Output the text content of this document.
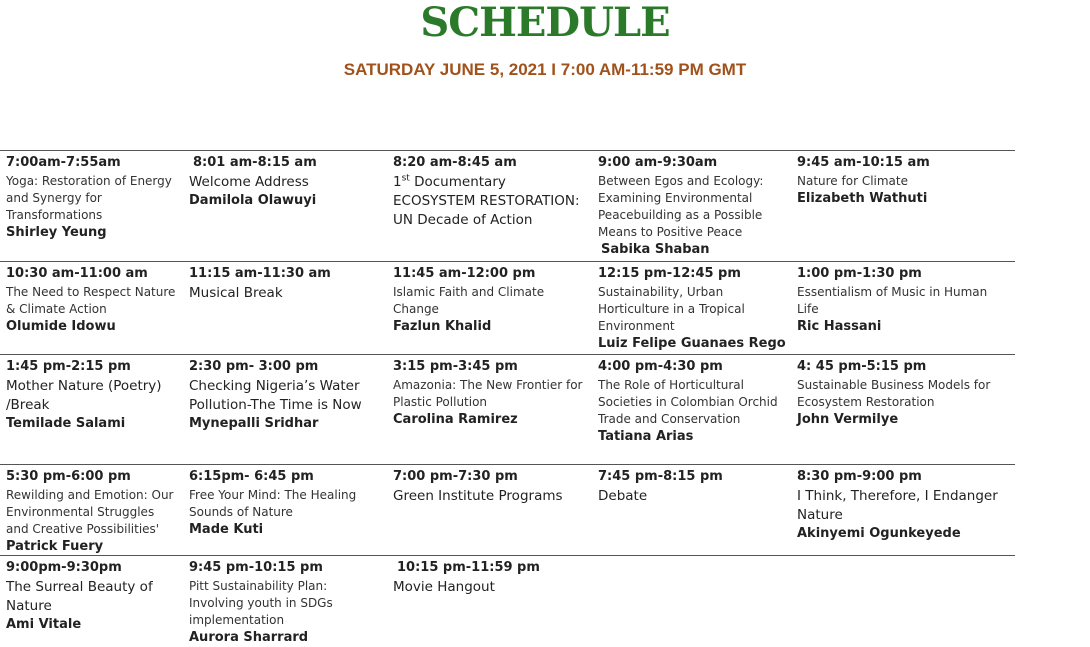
SCHEDULE
SATURDAY JUNE 5, 2021 I 7:00 AM-11:59 PM GMT
7:00am-7:55am
Yoga: Restoration of Energy and Synergy for Transformations
Shirley Yeung
8:01 am-8:15 am
Welcome Address
Damilola Olawuyi
8:20 am-8:45 am
1st Documentary ECOSYSTEM RESTORATION: UN Decade of Action
9:00 am-9:30am
Between Egos and Ecology: Examining Environmental Peacebuilding as a Possible Means to Positive Peace
Sabika Shaban
9:45 am-10:15 am
Nature for Climate
Elizabeth Wathuti
10:30 am-11:00 am
The Need to Respect Nature & Climate Action
Olumide Idowu
11:15 am-11:30 am
Musical Break
11:45 am-12:00 pm
Islamic Faith and Climate Change
Fazlun Khalid
12:15 pm-12:45 pm
Sustainability, Urban Horticulture in a Tropical Environment
Luiz Felipe Guanaes Rego
1:00 pm-1:30 pm
Essentialism of Music in Human Life
Ric Hassani
1:45 pm-2:15 pm
Mother Nature (Poetry) /Break
Temilade Salami
2:30 pm- 3:00 pm
Checking Nigeria’s Water Pollution-The Time is Now
Mynepalli Sridhar
3:15 pm-3:45 pm
Amazonia: The New Frontier for Plastic Pollution
Carolina Ramirez
4:00 pm-4:30 pm
The Role of Horticultural Societies in Colombian Orchid Trade and Conservation
Tatiana Arias
4: 45 pm-5:15 pm
Sustainable Business Models for Ecosystem Restoration
John Vermilye
5:30 pm-6:00 pm
Rewilding and Emotion: Our Environmental Struggles and Creative Possibilities'
Patrick Fuery
6:15pm- 6:45 pm
Free Your Mind: The Healing Sounds of Nature
Made Kuti
7:00 pm-7:30 pm
Green Institute Programs
7:45 pm-8:15 pm
Debate
8:30 pm-9:00 pm
I Think, Therefore, I Endanger Nature
Akinyemi Ogunkeyede
9:00pm-9:30pm
The Surreal Beauty of Nature
Ami Vitale
9:45 pm-10:15 pm
Pitt Sustainability Plan: Involving youth in SDGs implementation
Aurora Sharrard
10:15 pm-11:59 pm
Movie Hangout
